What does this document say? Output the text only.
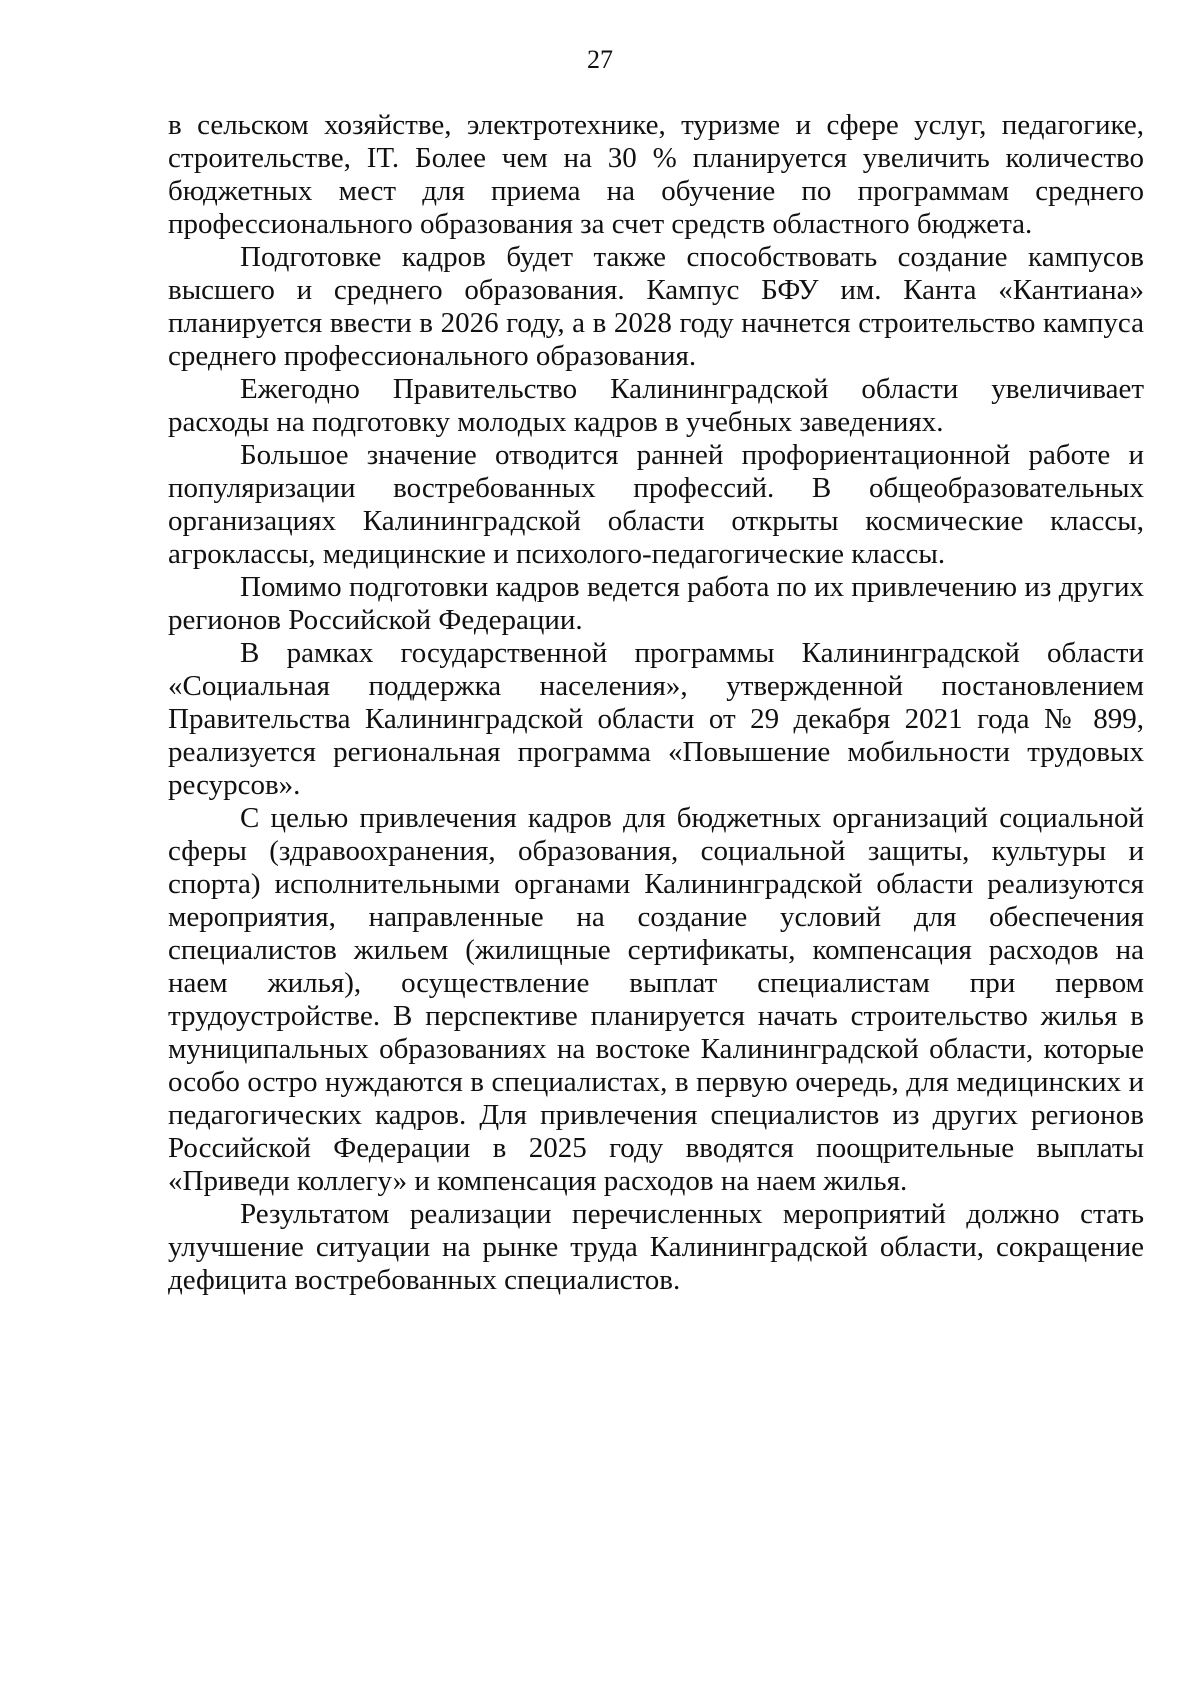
27

в сельском хозяйстве, электротехнике, туризме и сфере услуг, педагогике, строительстве, IT. Более чем на 30 % планируется увеличить количество бюджетных мест для приема на обучение по программам среднего профессионального образования за счет средств областного бюджета.

Подготовке кадров будет также способствовать создание кампусов высшего и среднего образования. Кампус БФУ им. Канта «Кантиана» планируется ввести в 2026 году, а в 2028 году начнется строительство кампуса среднего профессионального образования.

Ежегодно Правительство Калининградской области увеличивает расходы на подготовку молодых кадров в учебных заведениях.

Большое значение отводится ранней профориентационной работе и популяризации востребованных профессий. В общеобразовательных организациях Калининградской области открыты космические классы, агроклассы, медицинские и психолого-педагогические классы.

Помимо подготовки кадров ведется работа по их привлечению из других регионов Российской Федерации.

В рамках государственной программы Калининградской области «Социальная поддержка населения», утвержденной постановлением Правительства Калининградской области от 29 декабря 2021 года № 899, реализуется региональная программа «Повышение мобильности трудовых ресурсов».

С целью привлечения кадров для бюджетных организаций социальной сферы (здравоохранения, образования, социальной защиты, культуры и спорта) исполнительными органами Калининградской области реализуются мероприятия, направленные на создание условий для обеспечения специалистов жильем (жилищные сертификаты, компенсация расходов на наем жилья), осуществление выплат специалистам при первом трудоустройстве. В перспективе планируется начать строительство жилья в муниципальных образованиях на востоке Калининградской области, которые особо остро нуждаются в специалистах, в первую очередь, для медицинских и педагогических кадров. Для привлечения специалистов из других регионов Российской Федерации в 2025 году вводятся поощрительные выплаты «Приведи коллегу» и компенсация расходов на наем жилья.

Результатом реализации перечисленных мероприятий должно стать улучшение ситуации на рынке труда Калининградской области, сокращение дефицита востребованных специалистов.
